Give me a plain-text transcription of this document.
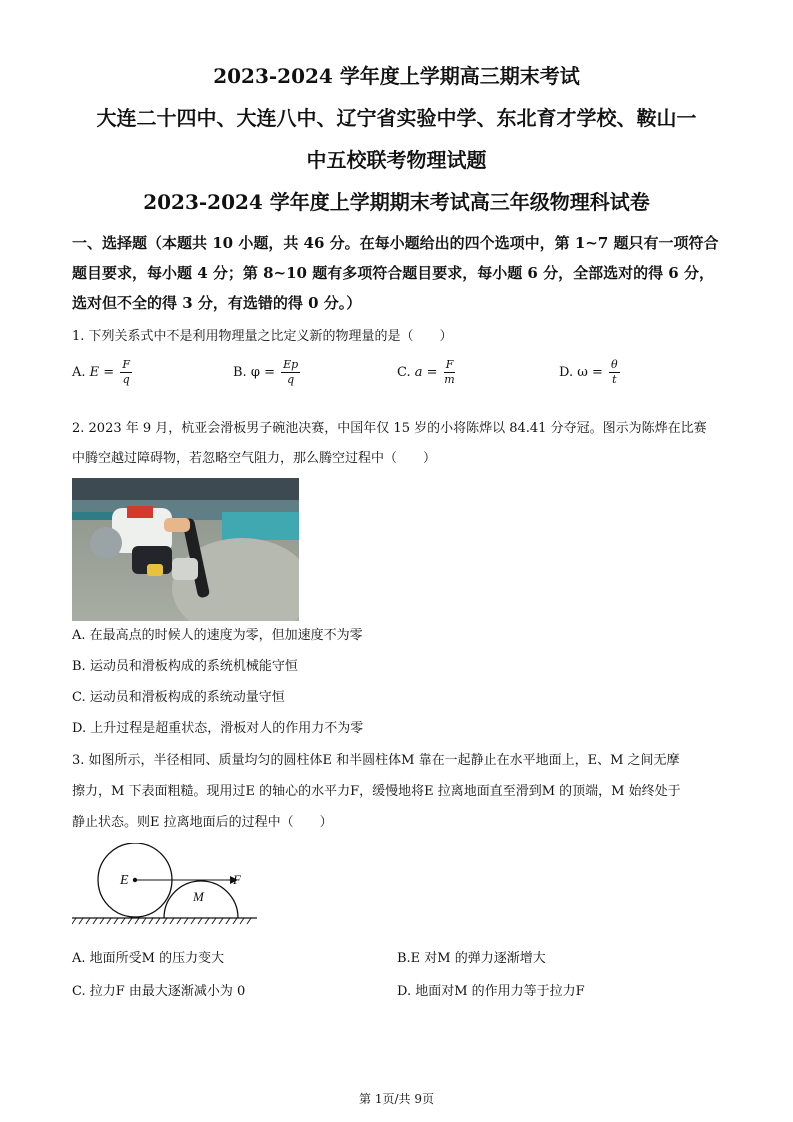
2023-2024 学年度上学期高三期末考试
大连二十四中、大连八中、辽宁省实验中学、东北育才学校、鞍山一
中五校联考物理试题
2023-2024 学年度上学期期末考试高三年级物理科试卷

一、选择题（本题共 10 小题，共 46 分。在每小题给出的四个选项中，第 1~7 题只有一项符合

题目要求，每小题 4 分；第 8~10 题有多项符合题目要求，每小题 6 分，全部选对的得 6 分，

选对但不全的得 3 分，有选错的得 0 分。）

1. 下列关系式中不是利用物理量之比定义新的物理量的是（　　）

A. $E = \frac{F}{q}$	B. $\varphi = \frac{Ep}{q}$	C. $a = \frac{F}{m}$	D. $\omega = \frac{\theta}{t}$

2. 2023 年 9 月，杭亚会滑板男子碗池决赛，中国年仅 15 岁的小将陈烨以 84.41 分夺冠。图示为陈烨在比赛

中腾空越过障碍物，若忽略空气阻力，那么腾空过程中（　　）

A. 在最高点的时候人的速度为零，但加速度不为零

B. 运动员和滑板构成的系统机械能守恒

C. 运动员和滑板构成的系统动量守恒

D. 上升过程是超重状态，滑板对人的作用力不为零

3. 如图所示，半径相同、质量均匀的圆柱体E 和半圆柱体M 靠在一起静止在水平地面上，E、M 之间无摩

擦力，M 下表面粗糙。现用过E 的轴心的水平力F，缓慢地将E 拉离地面直至滑到M 的顶端，M 始终处于

静止状态。则E 拉离地面后的过程中（　　）

E
M
F

A. 地面所受M 的压力变大	B.E 对M 的弹力逐渐增大

C. 拉力F 由最大逐渐减小为 0	D. 地面对M 的作用力等于拉力F

第 1页/共 9页
